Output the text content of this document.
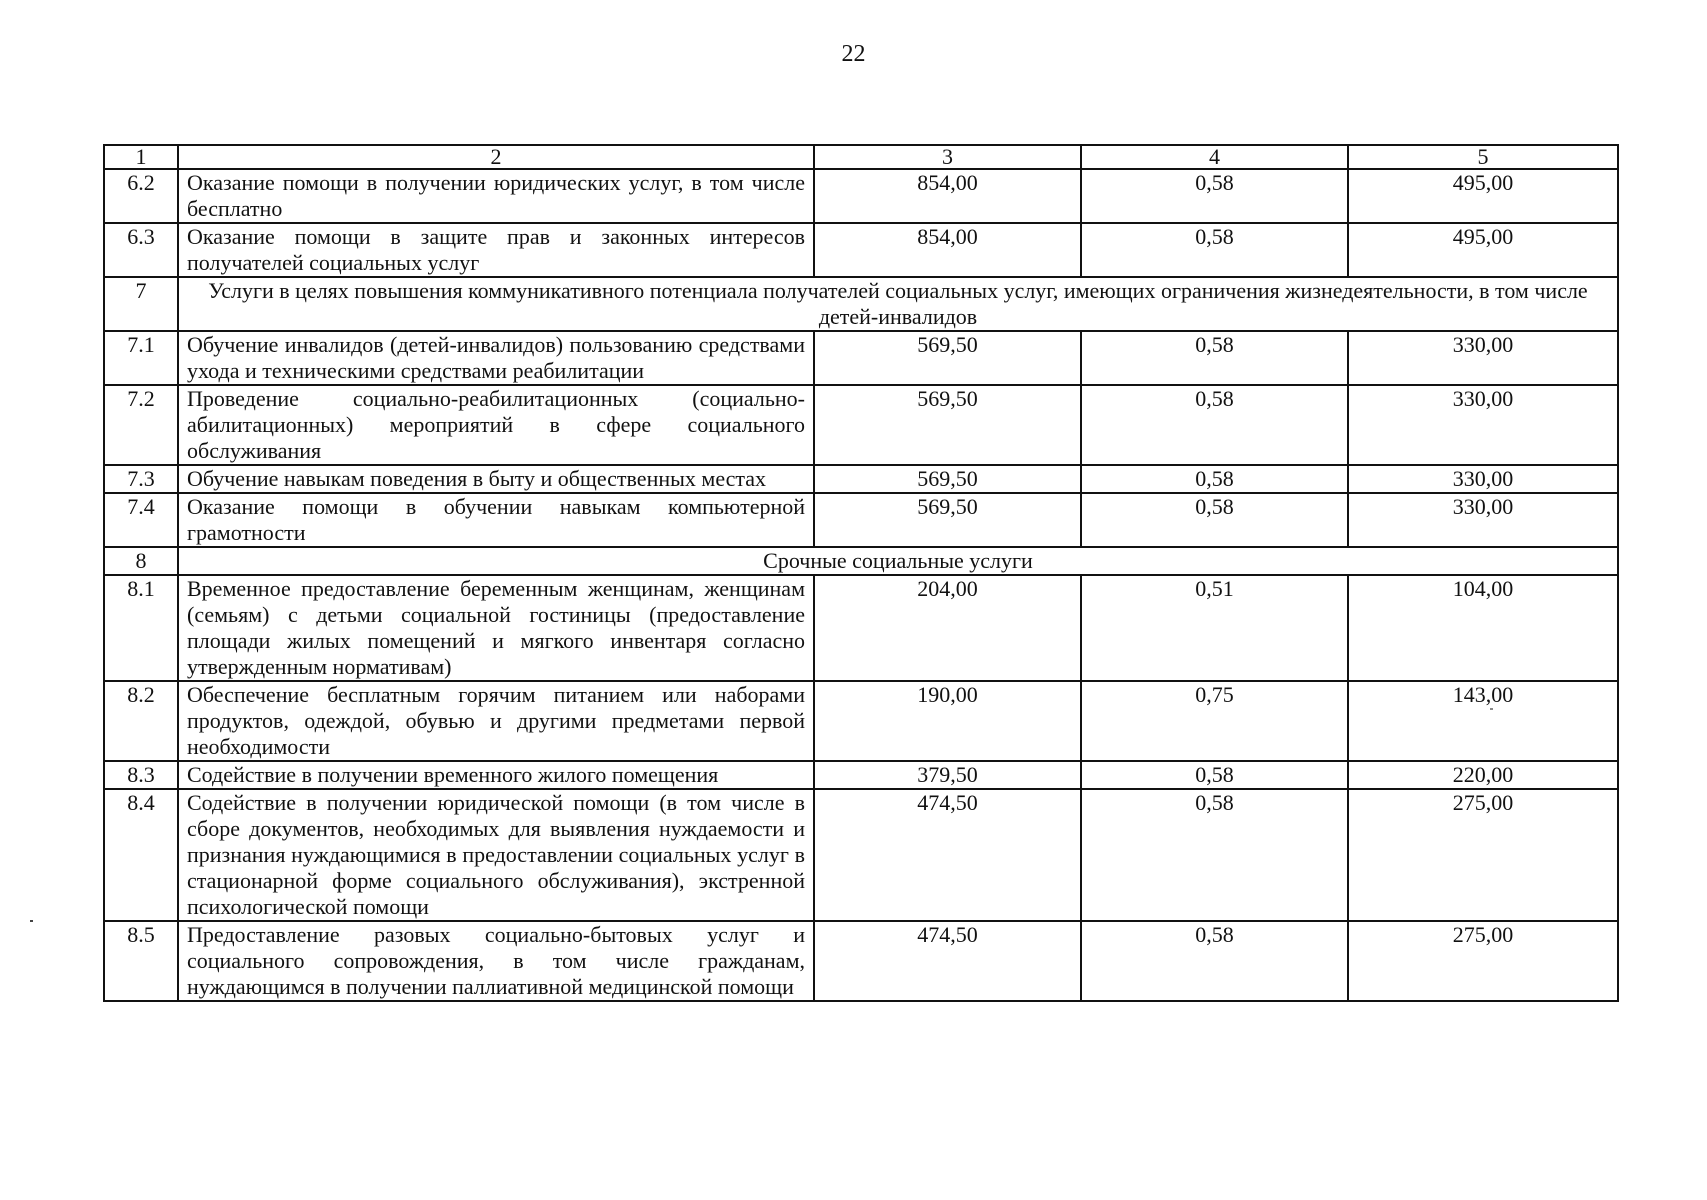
22
1	2	3	4	5
6.2	Оказание помощи в получении юридических услуг, в том числе бесплатно	854,00	0,58	495,00
6.3	Оказание помощи в защите прав и законных интересов получателей социальных услуг	854,00	0,58	495,00
7	Услуги в целях повышения коммуникативного потенциала получателей социальных услуг, имеющих ограничения жизнедеятельности, в том числе детей-инвалидов			
7.1	Обучение инвалидов (детей-инвалидов) пользованию средствами ухода и техническими средствами реабилитации	569,50	0,58	330,00
7.2	Проведение социально-реабилитационных (социально-абилитационных) мероприятий в сфере социального обслуживания	569,50	0,58	330,00
7.3	Обучение навыкам поведения в быту и общественных местах	569,50	0,58	330,00
7.4	Оказание помощи в обучении навыкам компьютерной грамотности	569,50	0,58	330,00
8	Срочные социальные услуги			
8.1	Временное предоставление беременным женщинам, женщинам (семьям) с детьми социальной гостиницы (предоставление площади жилых помещений и мягкого инвентаря согласно утвержденным нормативам)	204,00	0,51	104,00
8.2	Обеспечение бесплатным горячим питанием или наборами продуктов, одеждой, обувью и другими предметами первой необходимости	190,00	0,75	143,00
8.3	Содействие в получении временного жилого помещения	379,50	0,58	220,00
8.4	Содействие в получении юридической помощи (в том числе в сборе документов, необходимых для выявления нуждаемости и признания нуждающимися в предоставлении социальных услуг в стационарной форме социального обслуживания), экстренной психологической помощи	474,50	0,58	275,00
8.5	Предоставление разовых социально-бытовых услуг и социального сопровождения, в том числе гражданам, нуждающимся в получении паллиативной медицинской помощи	474,50	0,58	275,00
